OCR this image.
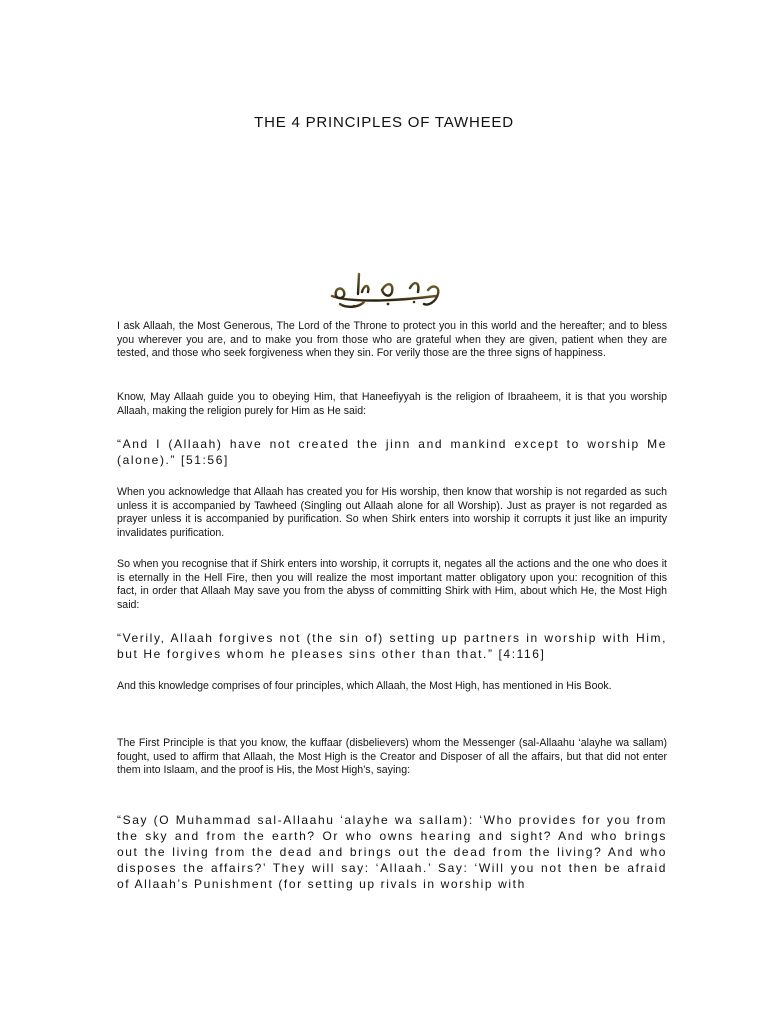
THE 4 PRINCIPLES OF TAWHEED

I ask Allaah, the Most Generous, The Lord of the Throne to protect you in this world and the hereafter; and to bless you wherever you are, and to make you from those who are grateful when they are given, patient when they are tested, and those who seek forgiveness when they sin. For verily those are the three signs of happiness.

Know, May Allaah guide you to obeying Him, that Haneefiyyah is the religion of Ibraaheem, it is that you worship Allaah, making the religion purely for Him as He said:

“And I (Allaah) have not created the jinn and mankind except to worship Me (alone).” [51:56]

When you acknowledge that Allaah has created you for His worship, then know that worship is not regarded as such unless it is accompanied by Tawheed (Singling out Allaah alone for all Worship). Just as prayer is not regarded as prayer unless it is accompanied by purification. So when Shirk enters into worship it corrupts it just like an impurity invalidates purification.

So when you recognise that if Shirk enters into worship, it corrupts it, negates all the actions and the one who does it is eternally in the Hell Fire, then you will realize the most important matter obligatory upon you: recognition of this fact, in order that Allaah May save you from the abyss of committing Shirk with Him, about which He, the Most High said:

“Verily, Allaah forgives not (the sin of) setting up partners in worship with Him, but He forgives whom he pleases sins other than that.” [4:116]

And this knowledge comprises of four principles, which Allaah, the Most High, has mentioned in His Book.

The First Principle is that you know, the kuffaar (disbelievers) whom the Messenger (sal-Allaahu ‘alayhe wa sallam) fought, used to affirm that Allaah, the Most High is the Creator and Disposer of all the affairs, but that did not enter them into Islaam, and the proof is His, the Most High’s, saying:

“Say (O Muhammad sal-Allaahu ‘alayhe wa sallam): ‘Who provides for you from the sky and from the earth? Or who owns hearing and sight? And who brings out the living from the dead and brings out the dead from the living? And who disposes the affairs?’ They will say: ‘Allaah.’ Say: ‘Will you not then be afraid of Allaah’s Punishment (for setting up rivals in worship with
